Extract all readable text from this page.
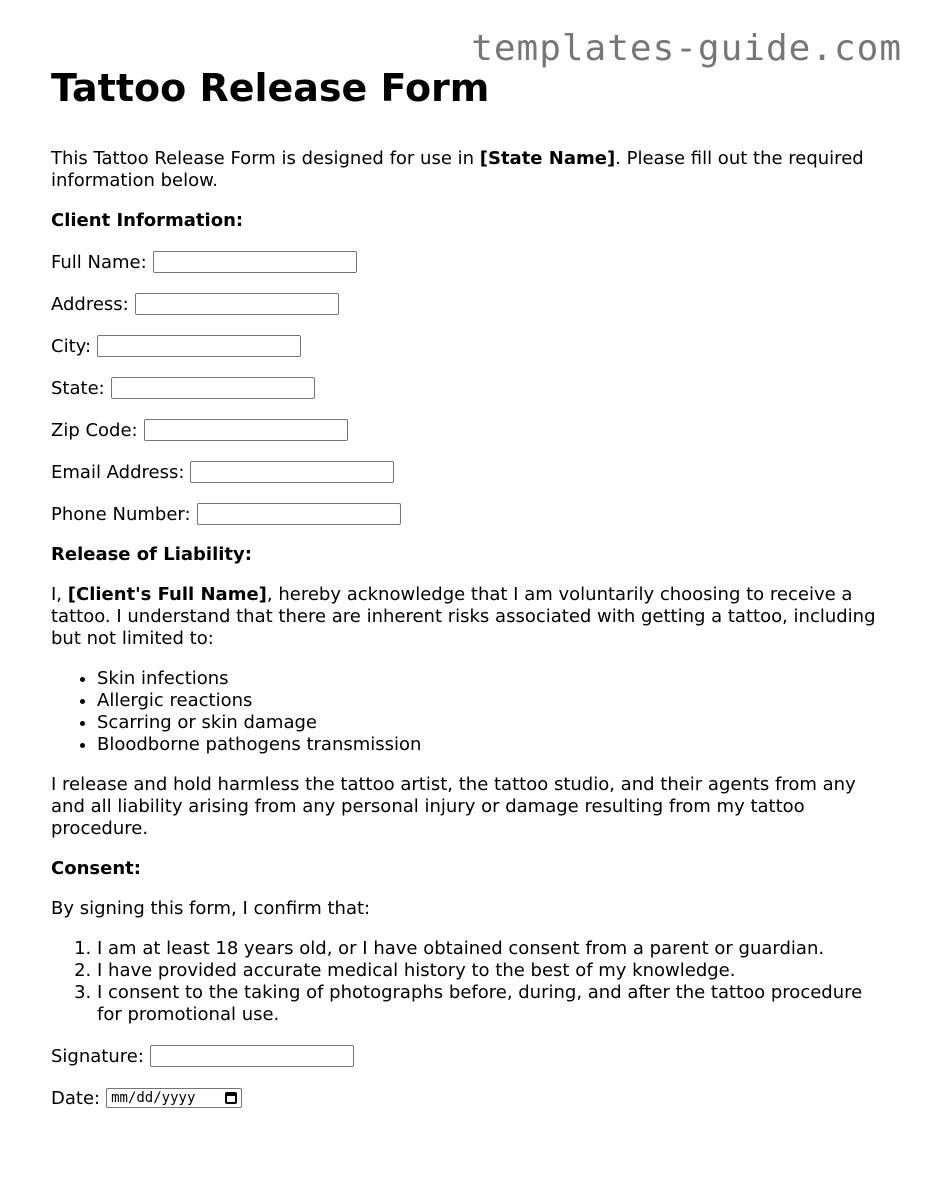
templates-guide.com
Tattoo Release Form

This Tattoo Release Form is designed for use in [State Name]. Please fill out the required information below.

Client Information:
Full Name:
Address:
City:
State:
Zip Code:
Email Address:
Phone Number:
Release of Liability:

I, [Client's Full Name], hereby acknowledge that I am voluntarily choosing to receive a tattoo. I understand that there are inherent risks associated with getting a tattoo, including but not limited to:

• Skin infections
• Allergic reactions
• Scarring or skin damage
• Bloodborne pathogens transmission

I release and hold harmless the tattoo artist, the tattoo studio, and their agents from any and all liability arising from any personal injury or damage resulting from my tattoo procedure.

Consent:

By signing this form, I confirm that:

1. I am at least 18 years old, or I have obtained consent from a parent or guardian.
2. I have provided accurate medical history to the best of my knowledge.
3. I consent to the taking of photographs before, during, and after the tattoo procedure for promotional use.
Signature:
Date: mm/dd/yyyy
